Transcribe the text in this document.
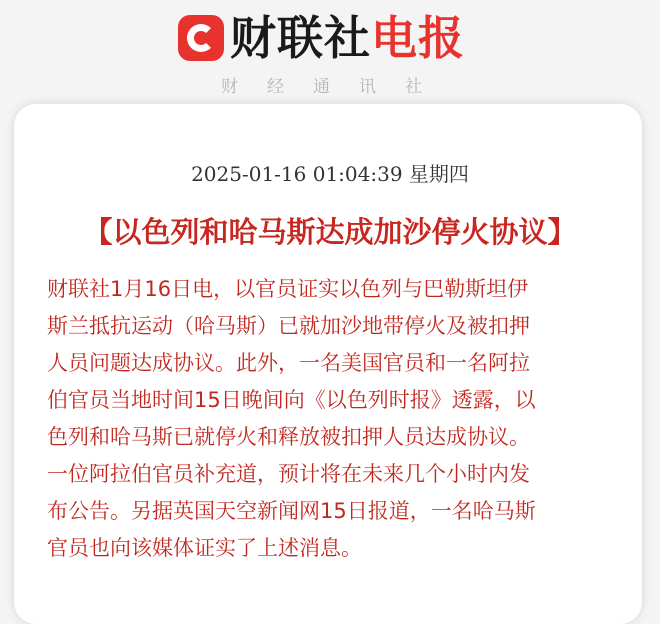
财联社 电报
财经通讯社
2025-01-16 01:04:39 星期四
【以色列和哈马斯达成加沙停火协议】

财联社1月16日电，以官员证实以色列与巴勒斯坦伊
斯兰抵抗运动（哈马斯）已就加沙地带停火及被扣押
人员问题达成协议。此外，一名美国官员和一名阿拉
伯官员当地时间15日晚间向《以色列时报》透露，以
色列和哈马斯已就停火和释放被扣押人员达成协议。
一位阿拉伯官员补充道，预计将在未来几个小时内发
布公告。另据英国天空新闻网15日报道，一名哈马斯
官员也向该媒体证实了上述消息。
